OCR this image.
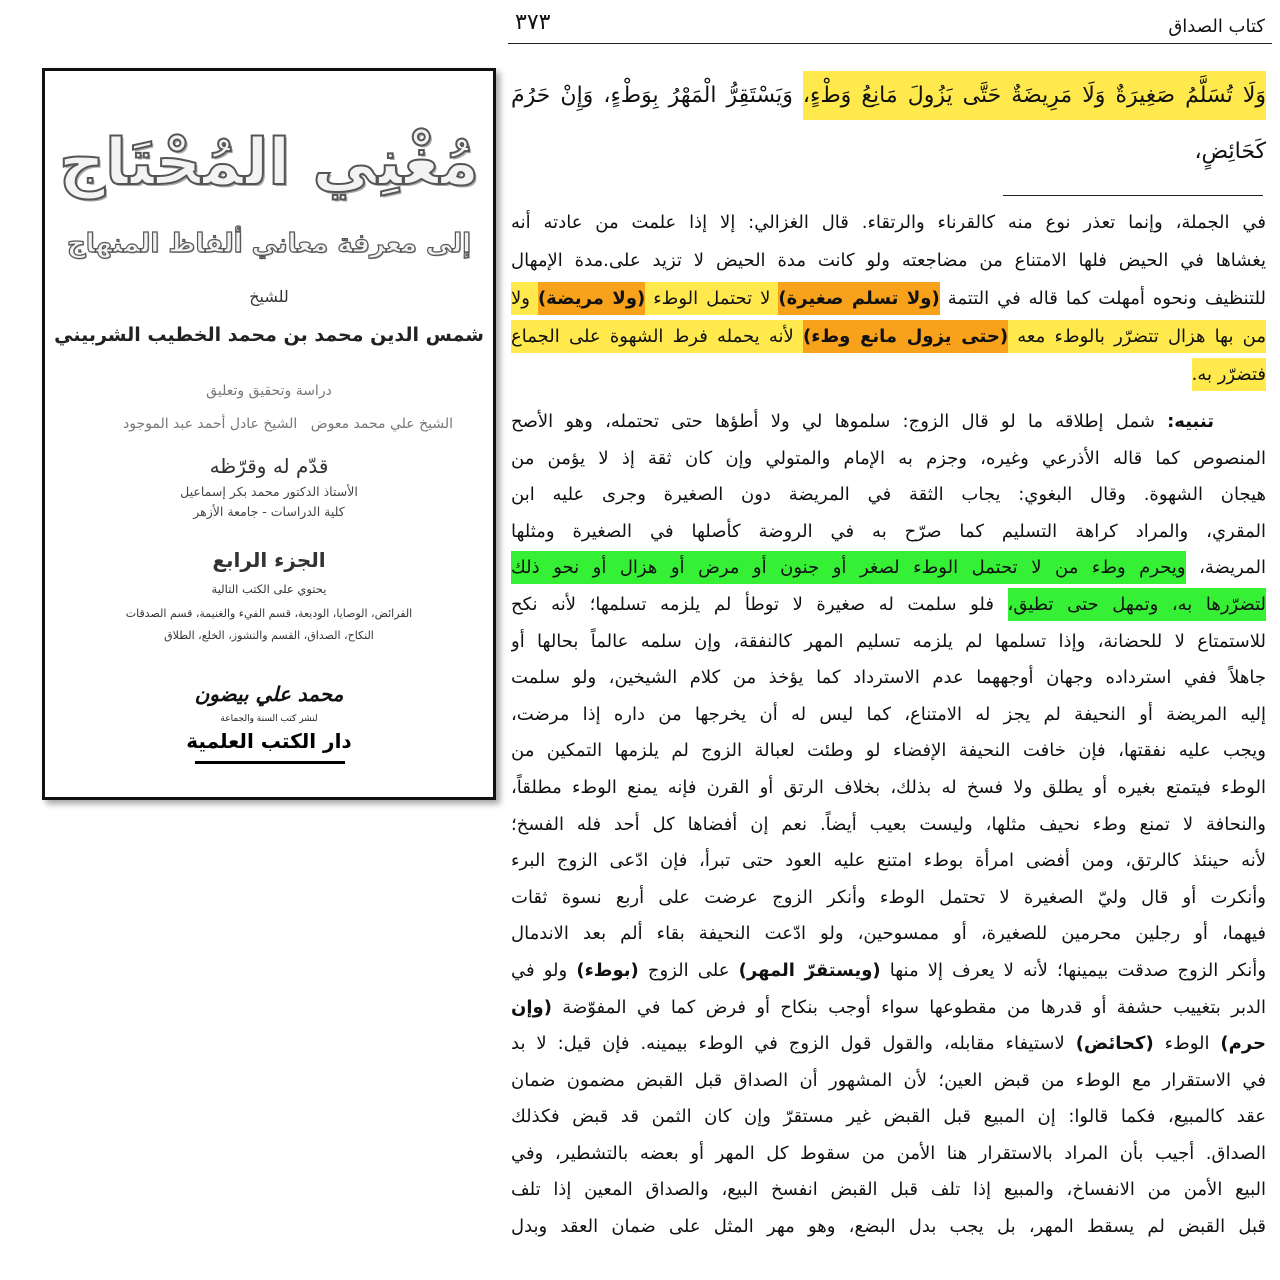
مُغْنِي المُحْتَاج
إلى معرفة معاني ألفاظ المنهاج
للشيخ
شمس الدين محمد بن محمد الخطيب الشربيني
دراسة وتحقيق وتعليق
الشيخ علي محمد معوض
الشيخ عادل أحمد عبد الموجود
قدّم له وقرّظه
الأستاذ الدكتور محمد بكر إسماعيل
كلية الدراسات - جامعة الأزهر
الجزء الرابع
يحتوي على الكتب التالية
الفرائض، الوصايا، الوديعة، قسم الفيء والغنيمة، قسم الصدقات
النكاح، الصداق، القسم والنشوز، الخلع، الطلاق
محمد علي بيضون
لنشر كتب السنة والجماعة
دار الكتب العلمية
كتاب الصداق
٣٧٣
وَلَا تُسَلَّمُ صَغِيرَةٌ وَلَا مَرِيضَةٌ حَتَّى يَزُولَ مَانِعُ وَطْءٍ، وَيَسْتَقِرُّ الْمَهْرُ بِوَطْءٍ، وَإِنْ حَرُمَ
كَحَائِضٍ،
في الجملة، وإنما تعذر نوع منه كالقرناء والرتقاء. قال الغزالي: إلا إذا علمت من عادته أنه
يغشاها في الحيض فلها الامتناع من مضاجعته ولو كانت مدة الحيض لا تزيد على.مدة الإمهال
للتنظيف ونحوه أمهلت كما قاله في التتمة (ولا تسلم صغيرة) لا تحتمل الوطء (ولا مريضة) ولا
من بها هزال تتضرّر بالوطء معه (حتى يزول مانع وطء) لأنه يحمله فرط الشهوة على الجماع
فتضرّر به.
تنبيه: شمل إطلاقه ما لو قال الزوج: سلموها لي ولا أطؤها حتى تحتمله، وهو الأصح
المنصوص كما قاله الأذرعي وغيره، وجزم به الإمام والمتولي وإن كان ثقة إذ لا يؤمن من
هيجان الشهوة. وقال البغوي: يجاب الثقة في المريضة دون الصغيرة وجرى عليه ابن
المقري، والمراد كراهة التسليم كما صرّح به في الروضة كأصلها في الصغيرة ومثلها
المريضة، ويحرم وطء من لا تحتمل الوطء لصغر أو جنون أو مرض أو هزال أو نحو ذلك
لتضرّرها به، وتمهل حتى تطيق، فلو سلمت له صغيرة لا توطأ لم يلزمه تسلمها؛ لأنه نكح
للاستمتاع لا للحضانة، وإذا تسلمها لم يلزمه تسليم المهر كالنفقة، وإن سلمه عالماً بحالها أو
جاهلاً ففي استرداده وجهان أوجههما عدم الاسترداد كما يؤخذ من كلام الشيخين، ولو سلمت
إليه المريضة أو النحيفة لم يجز له الامتناع، كما ليس له أن يخرجها من داره إذا مرضت،
ويجب عليه نفقتها، فإن خافت النحيفة الإفضاء لو وطئت لعبالة الزوج لم يلزمها التمكين من
الوطء فيتمتع بغيره أو يطلق ولا فسخ له بذلك، بخلاف الرتق أو القرن فإنه يمنع الوطء مطلقاً،
والنحافة لا تمنع وطء نحيف مثلها، وليست بعيب أيضاً. نعم إن أفضاها كل أحد فله الفسخ؛
لأنه حينئذ كالرتق، ومن أفضى امرأة بوطء امتنع عليه العود حتى تبرأ، فإن ادّعى الزوج البرء
وأنكرت أو قال وليّ الصغيرة لا تحتمل الوطء وأنكر الزوج عرضت على أربع نسوة ثقات
فيهما، أو رجلين محرمين للصغيرة، أو ممسوحين، ولو ادّعت النحيفة بقاء ألم بعد الاندمال
وأنكر الزوج صدقت بيمينها؛ لأنه لا يعرف إلا منها (ويستقرّ المهر) على الزوج (بوطء) ولو في
الدبر بتغييب حشفة أو قدرها من مقطوعها سواء أوجب بنكاح أو فرض كما في المفوّضة (وإن
حرم) الوطء (كحائض) لاستيفاء مقابله، والقول قول الزوج في الوطء بيمينه. فإن قيل: لا بد
في الاستقرار مع الوطء من قبض العين؛ لأن المشهور أن الصداق قبل القبض مضمون ضمان
عقد كالمبيع، فكما قالوا: إن المبيع قبل القبض غير مستقرّ وإن كان الثمن قد قبض فكذلك
الصداق. أجيب بأن المراد بالاستقرار هنا الأمن من سقوط كل المهر أو بعضه بالتشطير، وفي
البيع الأمن من الانفساخ، والمبيع إذا تلف قبل القبض انفسخ البيع، والصداق المعين إذا تلف
قبل القبض لم يسقط المهر، بل يجب بدل البضع، وهو مهر المثل على ضمان العقد وبدل
